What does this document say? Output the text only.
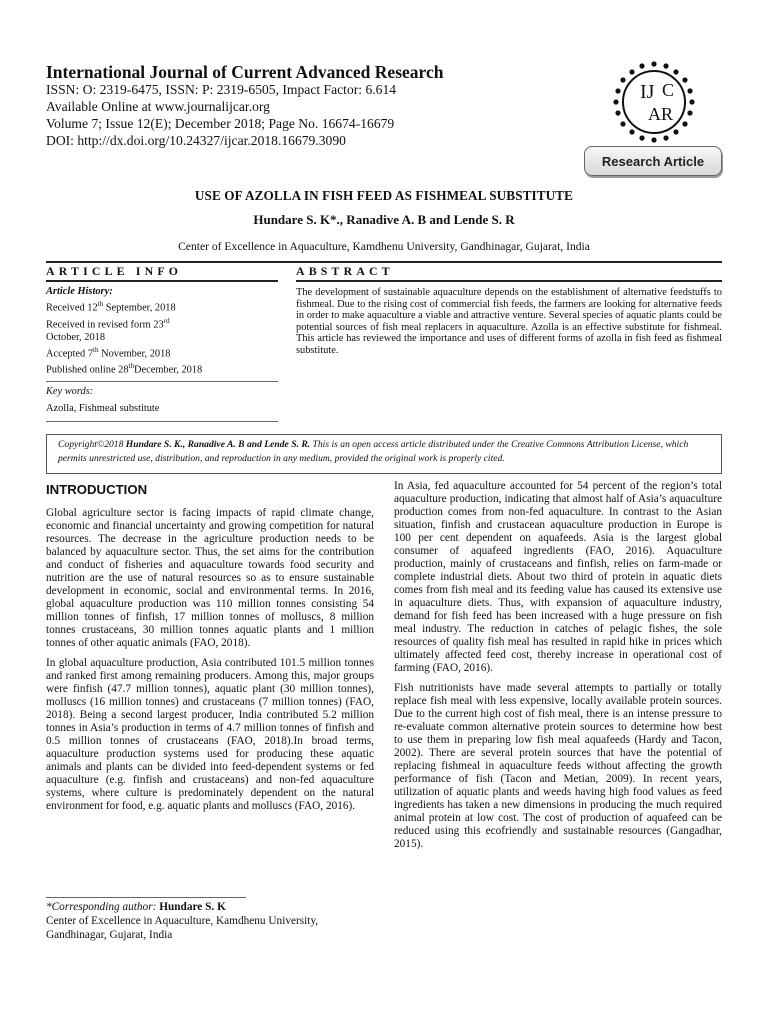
International Journal of Current Advanced Research
ISSN: O: 2319-6475, ISSN: P: 2319-6505, Impact Factor: 6.614
Available Online at www.journalijcar.org
Volume 7; Issue 12(E); December 2018; Page No. 16674-16679
DOI: http://dx.doi.org/10.24327/ijcar.2018.16679.3090
IJ C
AR
Research Article
USE OF AZOLLA IN FISH FEED AS FISHMEAL SUBSTITUTE
Hundare S. K*., Ranadive A. B and Lende S. R
Center of Excellence in Aquaculture, Kamdhenu University, Gandhinagar, Gujarat, India
ARTICLE INFO	ABSTRACT
Article History:
Received 12th September, 2018
Received in revised form 23rd
October, 2018
Accepted 7th November, 2018
Published online 28thDecember, 2018
Key words:
Azolla, Fishmeal substitute
The development of sustainable aquaculture depends on the establishment of alternative feedstuffs to fishmeal. Due to the rising cost of commercial fish feeds, the farmers are looking for alternative feeds in order to make aquaculture a viable and attractive venture. Several species of aquatic plants could be potential sources of fish meal replacers in aquaculture. Azolla is an effective substitute for fishmeal. This article has reviewed the importance and uses of different forms of azolla in fish feed as fishmeal substitute.
Copyright©2018 Hundare S. K., Ranadive A. B and Lende S. R. This is an open access article distributed under the Creative Commons Attribution License, which permits unrestricted use, distribution, and reproduction in any medium, provided the original work is properly cited.
INTRODUCTION

Global agriculture sector is facing impacts of rapid climate change, economic and financial uncertainty and growing competition for natural resources. The decrease in the agriculture production needs to be balanced by aquaculture sector. Thus, the set aims for the contribution and conduct of fisheries and aquaculture towards food security and nutrition are the use of natural resources so as to ensure sustainable development in economic, social and environmental terms. In 2016, global aquaculture production was 110 million tonnes consisting 54 million tonnes of finfish, 17 million tonnes of molluscs, 8 million tonnes crustaceans, 30 million tonnes aquatic plants and 1 million tonnes of other aquatic animals (FAO, 2018).

In global aquaculture production, Asia contributed 101.5 million tonnes and ranked first among remaining producers. Among this, major groups were finfish (47.7 million tonnes), aquatic plant (30 million tonnes), molluscs (16 million tonnes) and crustaceans (7 million tonnes) (FAO, 2018). Being a second largest producer, India contributed 5.2 million tonnes in Asia’s production in terms of 4.7 million tonnes of finfish and 0.5 million tonnes of crustaceans (FAO, 2018).In broad terms, aquaculture production systems used for producing these aquatic animals and plants can be divided into feed-dependent systems or fed aquaculture (e.g. finfish and crustaceans) and non-fed aquaculture systems, where culture is predominately dependent on the natural environment for food, e.g. aquatic plants and molluscs (FAO, 2016).

In Asia, fed aquaculture accounted for 54 percent of the region’s total aquaculture production, indicating that almost half of Asia’s aquaculture production comes from non-fed aquaculture. In contrast to the Asian situation, finfish and crustacean aquaculture production in Europe is 100 per cent dependent on aquafeeds. Asia is the largest global consumer of aquafeed ingredients (FAO, 2016). Aquaculture production, mainly of crustaceans and finfish, relies on farm-made or complete industrial diets. About two third of protein in aquatic diets comes from fish meal and its feeding value has caused its extensive use in aquaculture diets. Thus, with expansion of aquaculture industry, demand for fish feed has been increased with a huge pressure on fish meal industry. The reduction in catches of pelagic fishes, the sole resources of quality fish meal has resulted in rapid hike in prices which ultimately affected feed cost, thereby increase in operational cost of farming (FAO, 2016).

Fish nutritionists have made several attempts to partially or totally replace fish meal with less expensive, locally available protein sources. Due to the current high cost of fish meal, there is an intense pressure to re-evaluate common alternative protein sources to determine how best to use them in preparing low fish meal aquafeeds (Hardy and Tacon, 2002). There are several protein sources that have the potential of replacing fishmeal in aquaculture feeds without affecting the growth performance of fish (Tacon and Metian, 2009). In recent years, utilization of aquatic plants and weeds having high food values as feed ingredients has taken a new dimensions in producing the much required animal protein at low cost. The cost of production of aquafeed can be reduced using this ecofriendly and sustainable resources (Gangadhar, 2015).

*Corresponding author: Hundare S. K
Center of Excellence in Aquaculture, Kamdhenu University,
Gandhinagar, Gujarat, India
